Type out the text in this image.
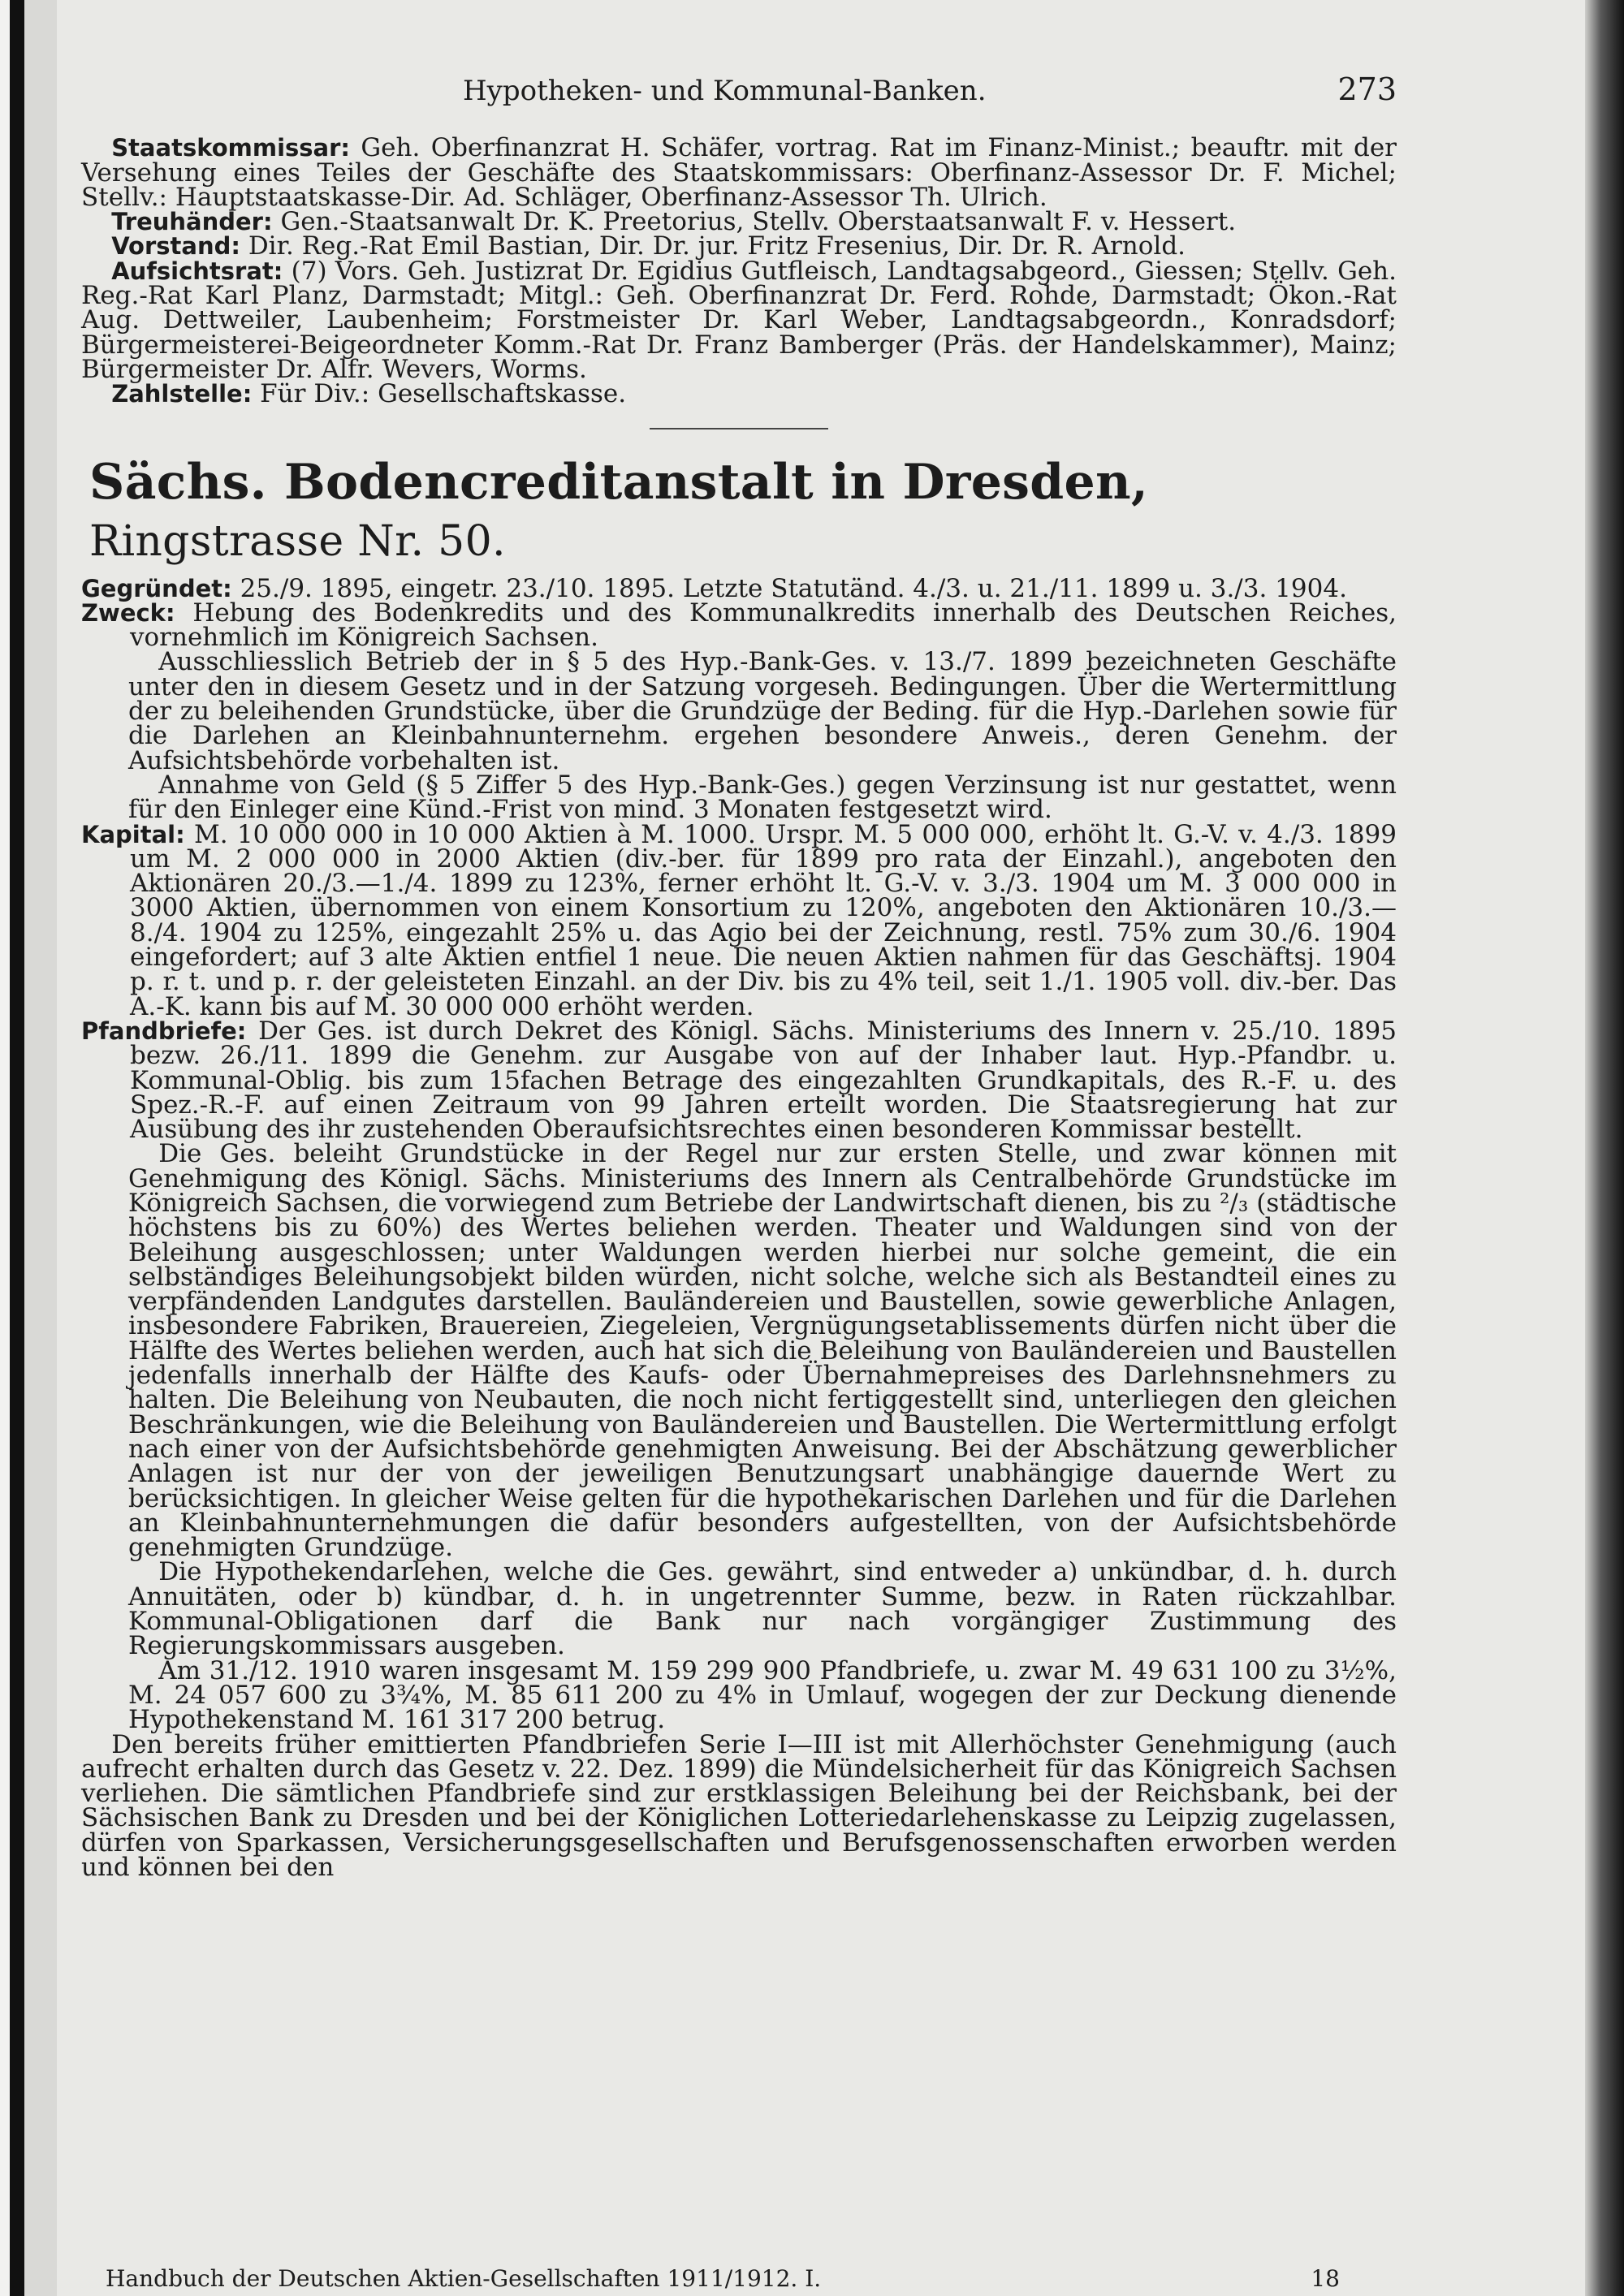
Hypotheken- und Kommunal-Banken.	273

Staatskommissar: Geh. Oberfinanzrat H. Schäfer, vortrag. Rat im Finanz-Minist.; beauftr. mit der Versehung eines Teiles der Geschäfte des Staatskommissars: Oberfinanz-Assessor Dr. F. Michel; Stellv.: Hauptstaatskasse-Dir. Ad. Schläger, Oberfinanz-Assessor Th. Ulrich.

Treuhänder: Gen.-Staatsanwalt Dr. K. Preetorius, Stellv. Oberstaatsanwalt F. v. Hessert.

Vorstand: Dir. Reg.-Rat Emil Bastian, Dir. Dr. jur. Fritz Fresenius, Dir. Dr. R. Arnold.

Aufsichtsrat: (7) Vors. Geh. Justizrat Dr. Egidius Gutfleisch, Landtagsabgeord., Giessen; Stellv. Geh. Reg.-Rat Karl Planz, Darmstadt; Mitgl.: Geh. Oberfinanzrat Dr. Ferd. Rohde, Darmstadt; Ökon.-Rat Aug. Dettweiler, Laubenheim; Forstmeister Dr. Karl Weber, Landtagsabgeordn., Konradsdorf; Bürgermeisterei-Beigeordneter Komm.-Rat Dr. Franz Bamberger (Präs. der Handelskammer), Mainz; Bürgermeister Dr. Alfr. Wevers, Worms.

Zahlstelle: Für Div.: Gesellschaftskasse.

Sächs. Bodencreditanstalt in Dresden, Ringstrasse Nr. 50.

Gegründet: 25./9. 1895, eingetr. 23./10. 1895. Letzte Statutänd. 4./3. u. 21./11. 1899 u. 3./3. 1904.

Zweck: Hebung des Bodenkredits und des Kommunalkredits innerhalb des Deutschen Reiches, vornehmlich im Königreich Sachsen.

Ausschliesslich Betrieb der in § 5 des Hyp.-Bank-Ges. v. 13./7. 1899 bezeichneten Geschäfte unter den in diesem Gesetz und in der Satzung vorgeseh. Bedingungen. Über die Wertermittlung der zu beleihenden Grundstücke, über die Grundzüge der Beding. für die Hyp.-Darlehen sowie für die Darlehen an Kleinbahnunternehm. ergehen besondere Anweis., deren Genehm. der Aufsichtsbehörde vorbehalten ist.

Annahme von Geld (§ 5 Ziffer 5 des Hyp.-Bank-Ges.) gegen Verzinsung ist nur gestattet, wenn für den Einleger eine Künd.-Frist von mind. 3 Monaten festgesetzt wird.

Kapital: M. 10 000 000 in 10 000 Aktien à M. 1000. Urspr. M. 5 000 000, erhöht lt. G.-V. v. 4./3. 1899 um M. 2 000 000 in 2000 Aktien (div.-ber. für 1899 pro rata der Einzahl.), angeboten den Aktionären 20./3.—1./4. 1899 zu 123%, ferner erhöht lt. G.-V. v. 3./3. 1904 um M. 3 000 000 in 3000 Aktien, übernommen von einem Konsortium zu 120%, angeboten den Aktionären 10./3.—8./4. 1904 zu 125%, eingezahlt 25% u. das Agio bei der Zeichnung, restl. 75% zum 30./6. 1904 eingefordert; auf 3 alte Aktien entfiel 1 neue. Die neuen Aktien nahmen für das Geschäftsj. 1904 p. r. t. und p. r. der geleisteten Einzahl. an der Div. bis zu 4% teil, seit 1./1. 1905 voll. div.-ber. Das A.-K. kann bis auf M. 30 000 000 erhöht werden.

Pfandbriefe: Der Ges. ist durch Dekret des Königl. Sächs. Ministeriums des Innern v. 25./10. 1895 bezw. 26./11. 1899 die Genehm. zur Ausgabe von auf der Inhaber laut. Hyp.-Pfandbr. u. Kommunal-Oblig. bis zum 15fachen Betrage des eingezahlten Grundkapitals, des R.-F. u. des Spez.-R.-F. auf einen Zeitraum von 99 Jahren erteilt worden. Die Staatsregierung hat zur Ausübung des ihr zustehenden Oberaufsichtsrechtes einen besonderen Kommissar bestellt.

Die Ges. beleiht Grundstücke in der Regel nur zur ersten Stelle, und zwar können mit Genehmigung des Königl. Sächs. Ministeriums des Innern als Centralbehörde Grundstücke im Königreich Sachsen, die vorwiegend zum Betriebe der Landwirtschaft dienen, bis zu ²/₃ (städtische höchstens bis zu 60%) des Wertes beliehen werden. Theater und Waldungen sind von der Beleihung ausgeschlossen; unter Waldungen werden hierbei nur solche gemeint, die ein selbständiges Beleihungsobjekt bilden würden, nicht solche, welche sich als Bestandteil eines zu verpfändenden Landgutes darstellen. Bauländereien und Baustellen, sowie gewerbliche Anlagen, insbesondere Fabriken, Brauereien, Ziegeleien, Vergnügungsetablissements dürfen nicht über die Hälfte des Wertes beliehen werden, auch hat sich die Beleihung von Bauländereien und Baustellen jedenfalls innerhalb der Hälfte des Kaufs- oder Übernahmepreises des Darlehnsnehmers zu halten. Die Beleihung von Neubauten, die noch nicht fertiggestellt sind, unterliegen den gleichen Beschränkungen, wie die Beleihung von Bauländereien und Baustellen. Die Wertermittlung erfolgt nach einer von der Aufsichtsbehörde genehmigten Anweisung. Bei der Abschätzung gewerblicher Anlagen ist nur der von der jeweiligen Benutzungsart unabhängige dauernde Wert zu berücksichtigen. In gleicher Weise gelten für die hypothekarischen Darlehen und für die Darlehen an Kleinbahnunternehmungen die dafür besonders aufgestellten, von der Aufsichtsbehörde genehmigten Grundzüge.

Die Hypothekendarlehen, welche die Ges. gewährt, sind entweder a) unkündbar, d. h. durch Annuitäten, oder b) kündbar, d. h. in ungetrennter Summe, bezw. in Raten rückzahlbar. Kommunal-Obligationen darf die Bank nur nach vorgängiger Zustimmung des Regierungskommissars ausgeben.

Am 31./12. 1910 waren insgesamt M. 159 299 900 Pfandbriefe, u. zwar M. 49 631 100 zu 3½%, M. 24 057 600 zu 3¾%, M. 85 611 200 zu 4% in Umlauf, wogegen der zur Deckung dienende Hypothekenstand M. 161 317 200 betrug.

Den bereits früher emittierten Pfandbriefen Serie I—III ist mit Allerhöchster Genehmigung (auch aufrecht erhalten durch das Gesetz v. 22. Dez. 1899) die Mündelsicherheit für das Königreich Sachsen verliehen. Die sämtlichen Pfandbriefe sind zur erstklassigen Beleihung bei der Reichsbank, bei der Sächsischen Bank zu Dresden und bei der Königlichen Lotteriedarlehenskasse zu Leipzig zugelassen, dürfen von Sparkassen, Versicherungsgesellschaften und Berufsgenossenschaften erworben werden und können bei den

Handbuch der Deutschen Aktien-Gesellschaften 1911/1912. I.	18
